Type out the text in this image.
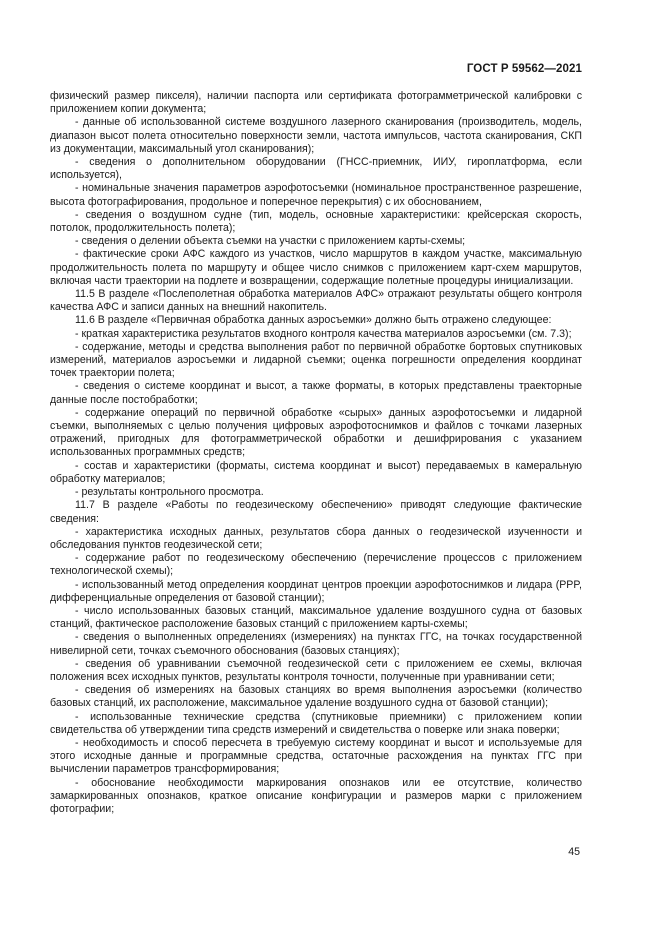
ГОСТ Р 59562—2021

физический размер пикселя), наличии паспорта или сертификата фотограмметрической калибровки с приложением копии документа;

- данные об использованной системе воздушного лазерного сканирования (производитель, модель, диапазон высот полета относительно поверхности земли, частота импульсов, частота сканирования, СКП из документации, максимальный угол сканирования);

- сведения о дополнительном оборудовании (ГНСС-приемник, ИИУ, гироплатформа, если используется),

- номинальные значения параметров аэрофотосъемки (номинальное пространственное разрешение, высота фотографирования, продольное и поперечное перекрытия) с их обоснованием,

- сведения о воздушном судне (тип, модель, основные характеристики: крейсерская скорость, потолок, продолжительность полета);

- сведения о делении объекта съемки на участки с приложением карты-схемы;

- фактические сроки АФС каждого из участков, число маршрутов в каждом участке, максимальную продолжительность полета по маршруту и общее число снимков с приложением карт-схем маршрутов, включая части траектории на подлете и возвращении, содержащие полетные процедуры инициализации.

11.5 В разделе «Послеполетная обработка материалов АФС» отражают результаты общего контроля качества АФС и записи данных на внешний накопитель.

11.6 В разделе «Первичная обработка данных аэросъемки» должно быть отражено следующее:

- краткая характеристика результатов входного контроля качества материалов аэросъемки (см. 7.3);

- содержание, методы и средства выполнения работ по первичной обработке бортовых спутниковых измерений, материалов аэросъемки и лидарной съемки; оценка погрешности определения координат точек траектории полета;

- сведения о системе координат и высот, а также форматы, в которых представлены траекторные данные после постобработки;

- содержание операций по первичной обработке «сырых» данных аэрофотосъемки и лидарной съемки, выполняемых с целью получения цифровых аэрофотоснимков и файлов с точками лазерных отражений, пригодных для фотограмметрической обработки и дешифрирования с указанием использованных программных средств;

- состав и характеристики (форматы, система координат и высот) передаваемых в камеральную обработку материалов;

- результаты контрольного просмотра.

11.7 В разделе «Работы по геодезическому обеспечению» приводят следующие фактические сведения:

- характеристика исходных данных, результатов сбора данных о геодезической изученности и обследования пунктов геодезической сети;

- содержание работ по геодезическому обеспечению (перечисление процессов с приложением технологической схемы);

- использованный метод определения координат центров проекции аэрофотоснимков и лидара (PPP, дифференциальные определения от базовой станции);

- число использованных базовых станций, максимальное удаление воздушного судна от базовых станций, фактическое расположение базовых станций с приложением карты-схемы;

- сведения о выполненных определениях (измерениях) на пунктах ГГС, на точках государственной нивелирной сети, точках съемочного обоснования (базовых станциях);

- сведения об уравнивании съемочной геодезической сети с приложением ее схемы, включая положения всех исходных пунктов, результаты контроля точности, полученные при уравнивании сети;

- сведения об измерениях на базовых станциях во время выполнения аэросъемки (количество базовых станций, их расположение, максимальное удаление воздушного судна от базовой станции);

- использованные технические средства (спутниковые приемники) с приложением копии свидетельства об утверждении типа средств измерений и свидетельства о поверке или знака поверки;

- необходимость и способ пересчета в требуемую систему координат и высот и используемые для этого исходные данные и программные средства, остаточные расхождения на пунктах ГГС при вычислении параметров трансформирования;

- обоснование необходимости маркирования опознаков или ее отсутствие, количество замаркированных опознаков, краткое описание конфигурации и размеров марки с приложением фотографии;

45
